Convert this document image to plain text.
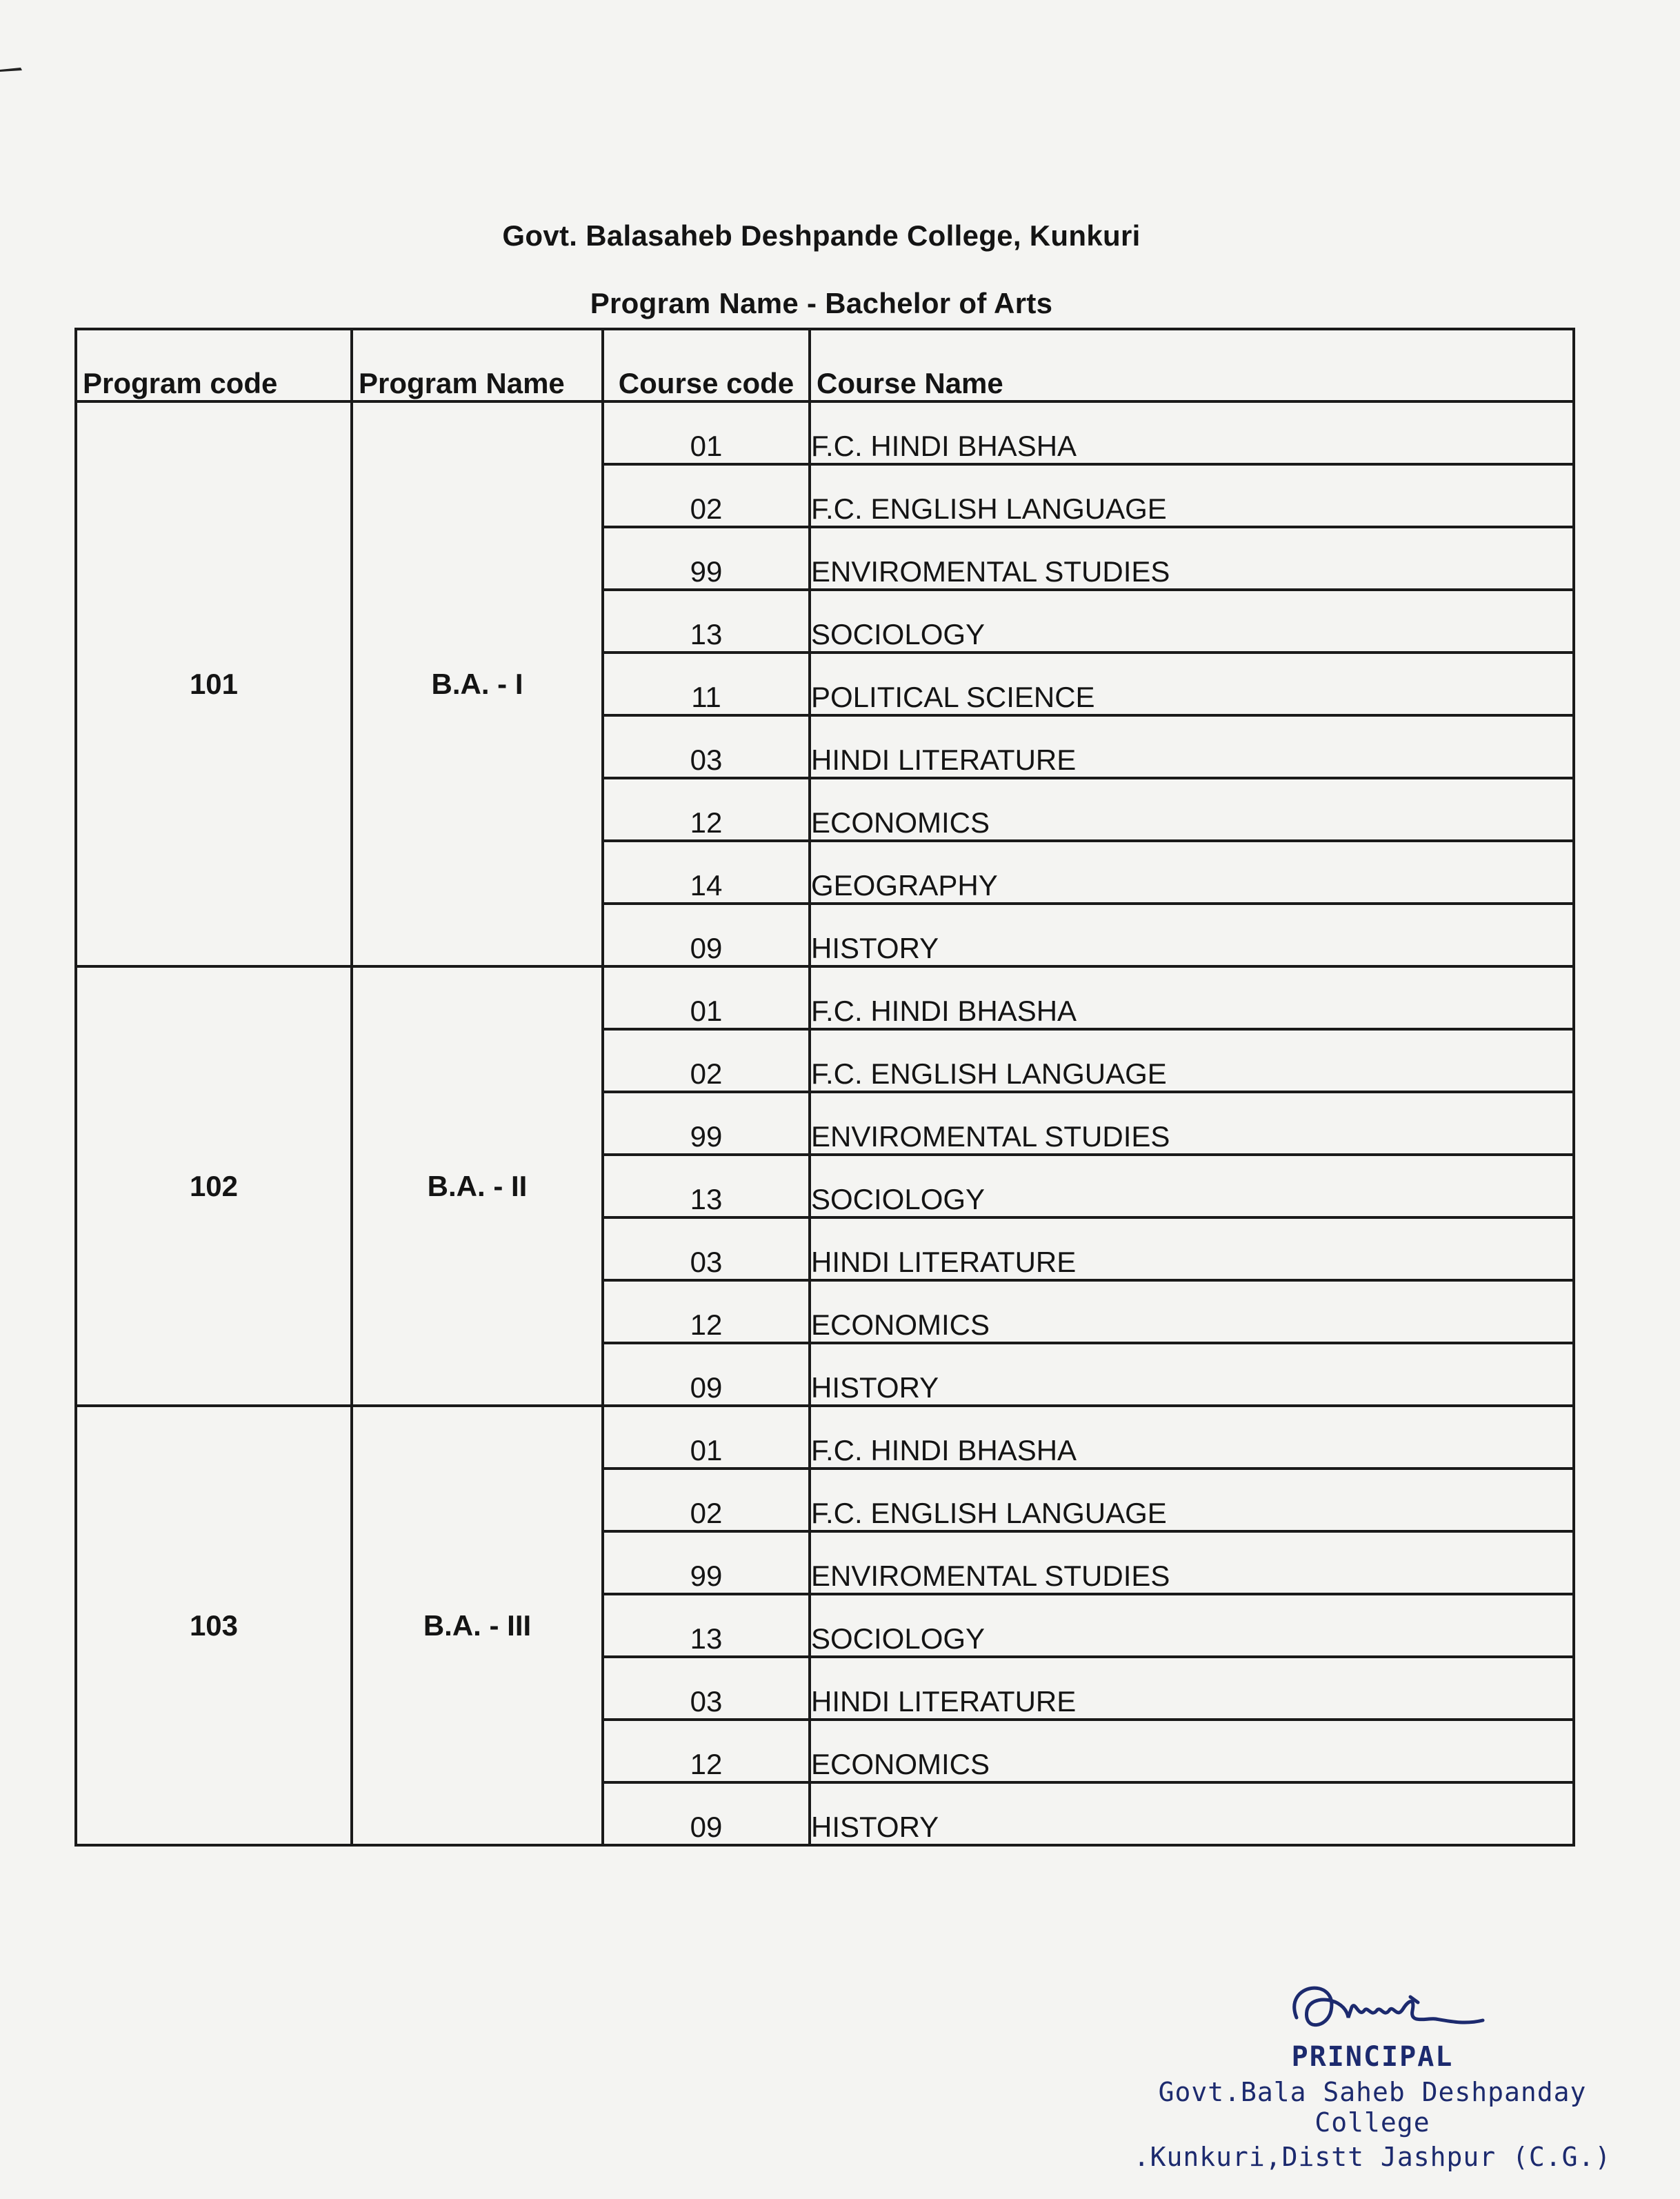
Govt. Balasaheb Deshpande College, Kunkuri
Program Name - Bachelor of Arts
Program code	Program Name	Course code	Course Name
101	B.A. - I	01	F.C. HINDI BHASHA
		02	F.C. ENGLISH LANGUAGE
		99	ENVIROMENTAL STUDIES
		13	SOCIOLOGY
		11	POLITICAL SCIENCE
		03	HINDI LITERATURE
		12	ECONOMICS
		14	GEOGRAPHY
		09	HISTORY
102	B.A. - II	01	F.C. HINDI BHASHA
		02	F.C. ENGLISH LANGUAGE
		99	ENVIROMENTAL STUDIES
		13	SOCIOLOGY
		03	HINDI LITERATURE
		12	ECONOMICS
		09	HISTORY
103	B.A. - III	01	F.C. HINDI BHASHA
		02	F.C. ENGLISH LANGUAGE
		99	ENVIROMENTAL STUDIES
		13	SOCIOLOGY
		03	HINDI LITERATURE
		12	ECONOMICS
		09	HISTORY
PRINCIPAL
Govt.Bala Saheb Deshpanday College
.Kunkuri,Distt Jashpur (C.G.)
